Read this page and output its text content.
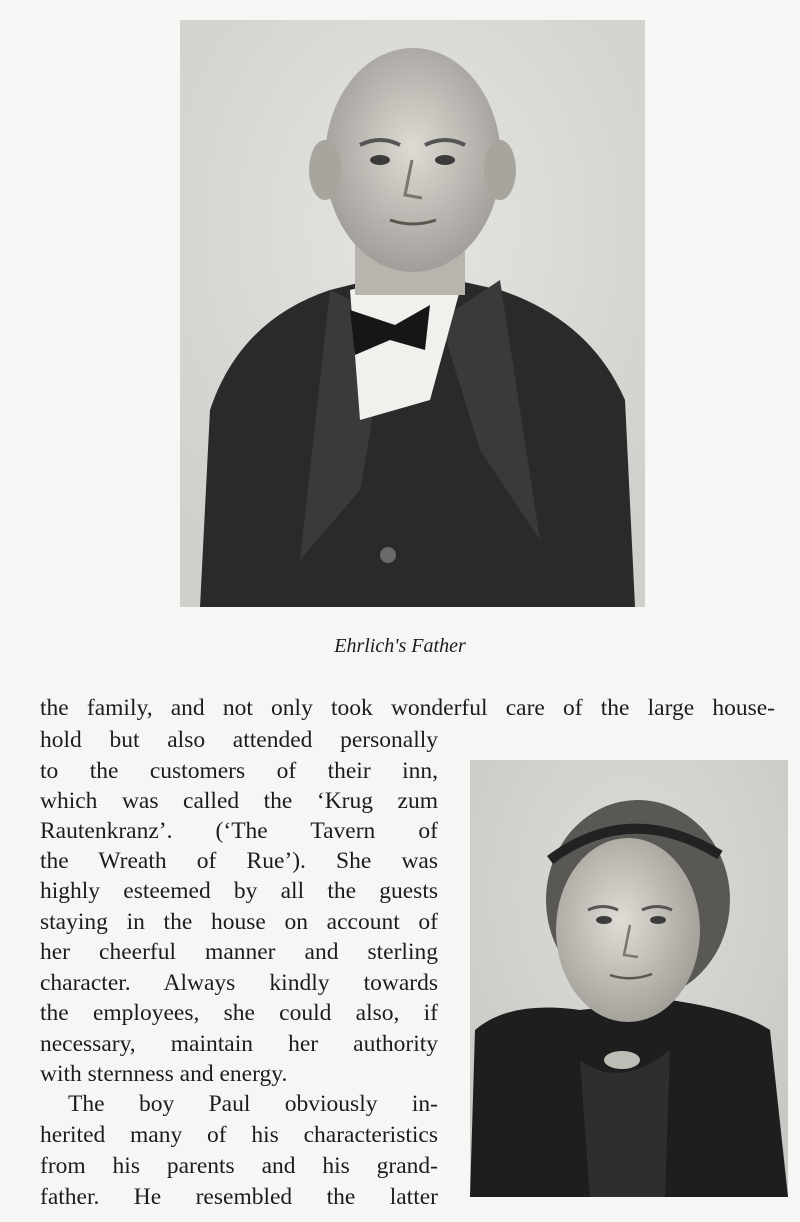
Ehrlich's Father
the family, and not only took wonderful care of the large house-
hold but also attended personally
to the customers of their inn,
which was called the ‘Krug zum
Rautenkranz’. (‘The Tavern of
the Wreath of Rue’). She was
highly esteemed by all the guests
staying in the house on account of
her cheerful manner and sterling
character. Always kindly towards
the employees, she could also, if
necessary, maintain her authority
with sternness and energy.
The boy Paul obviously in-
herited many of his characteristics
from his parents and his grand-
father. He resembled the latter
